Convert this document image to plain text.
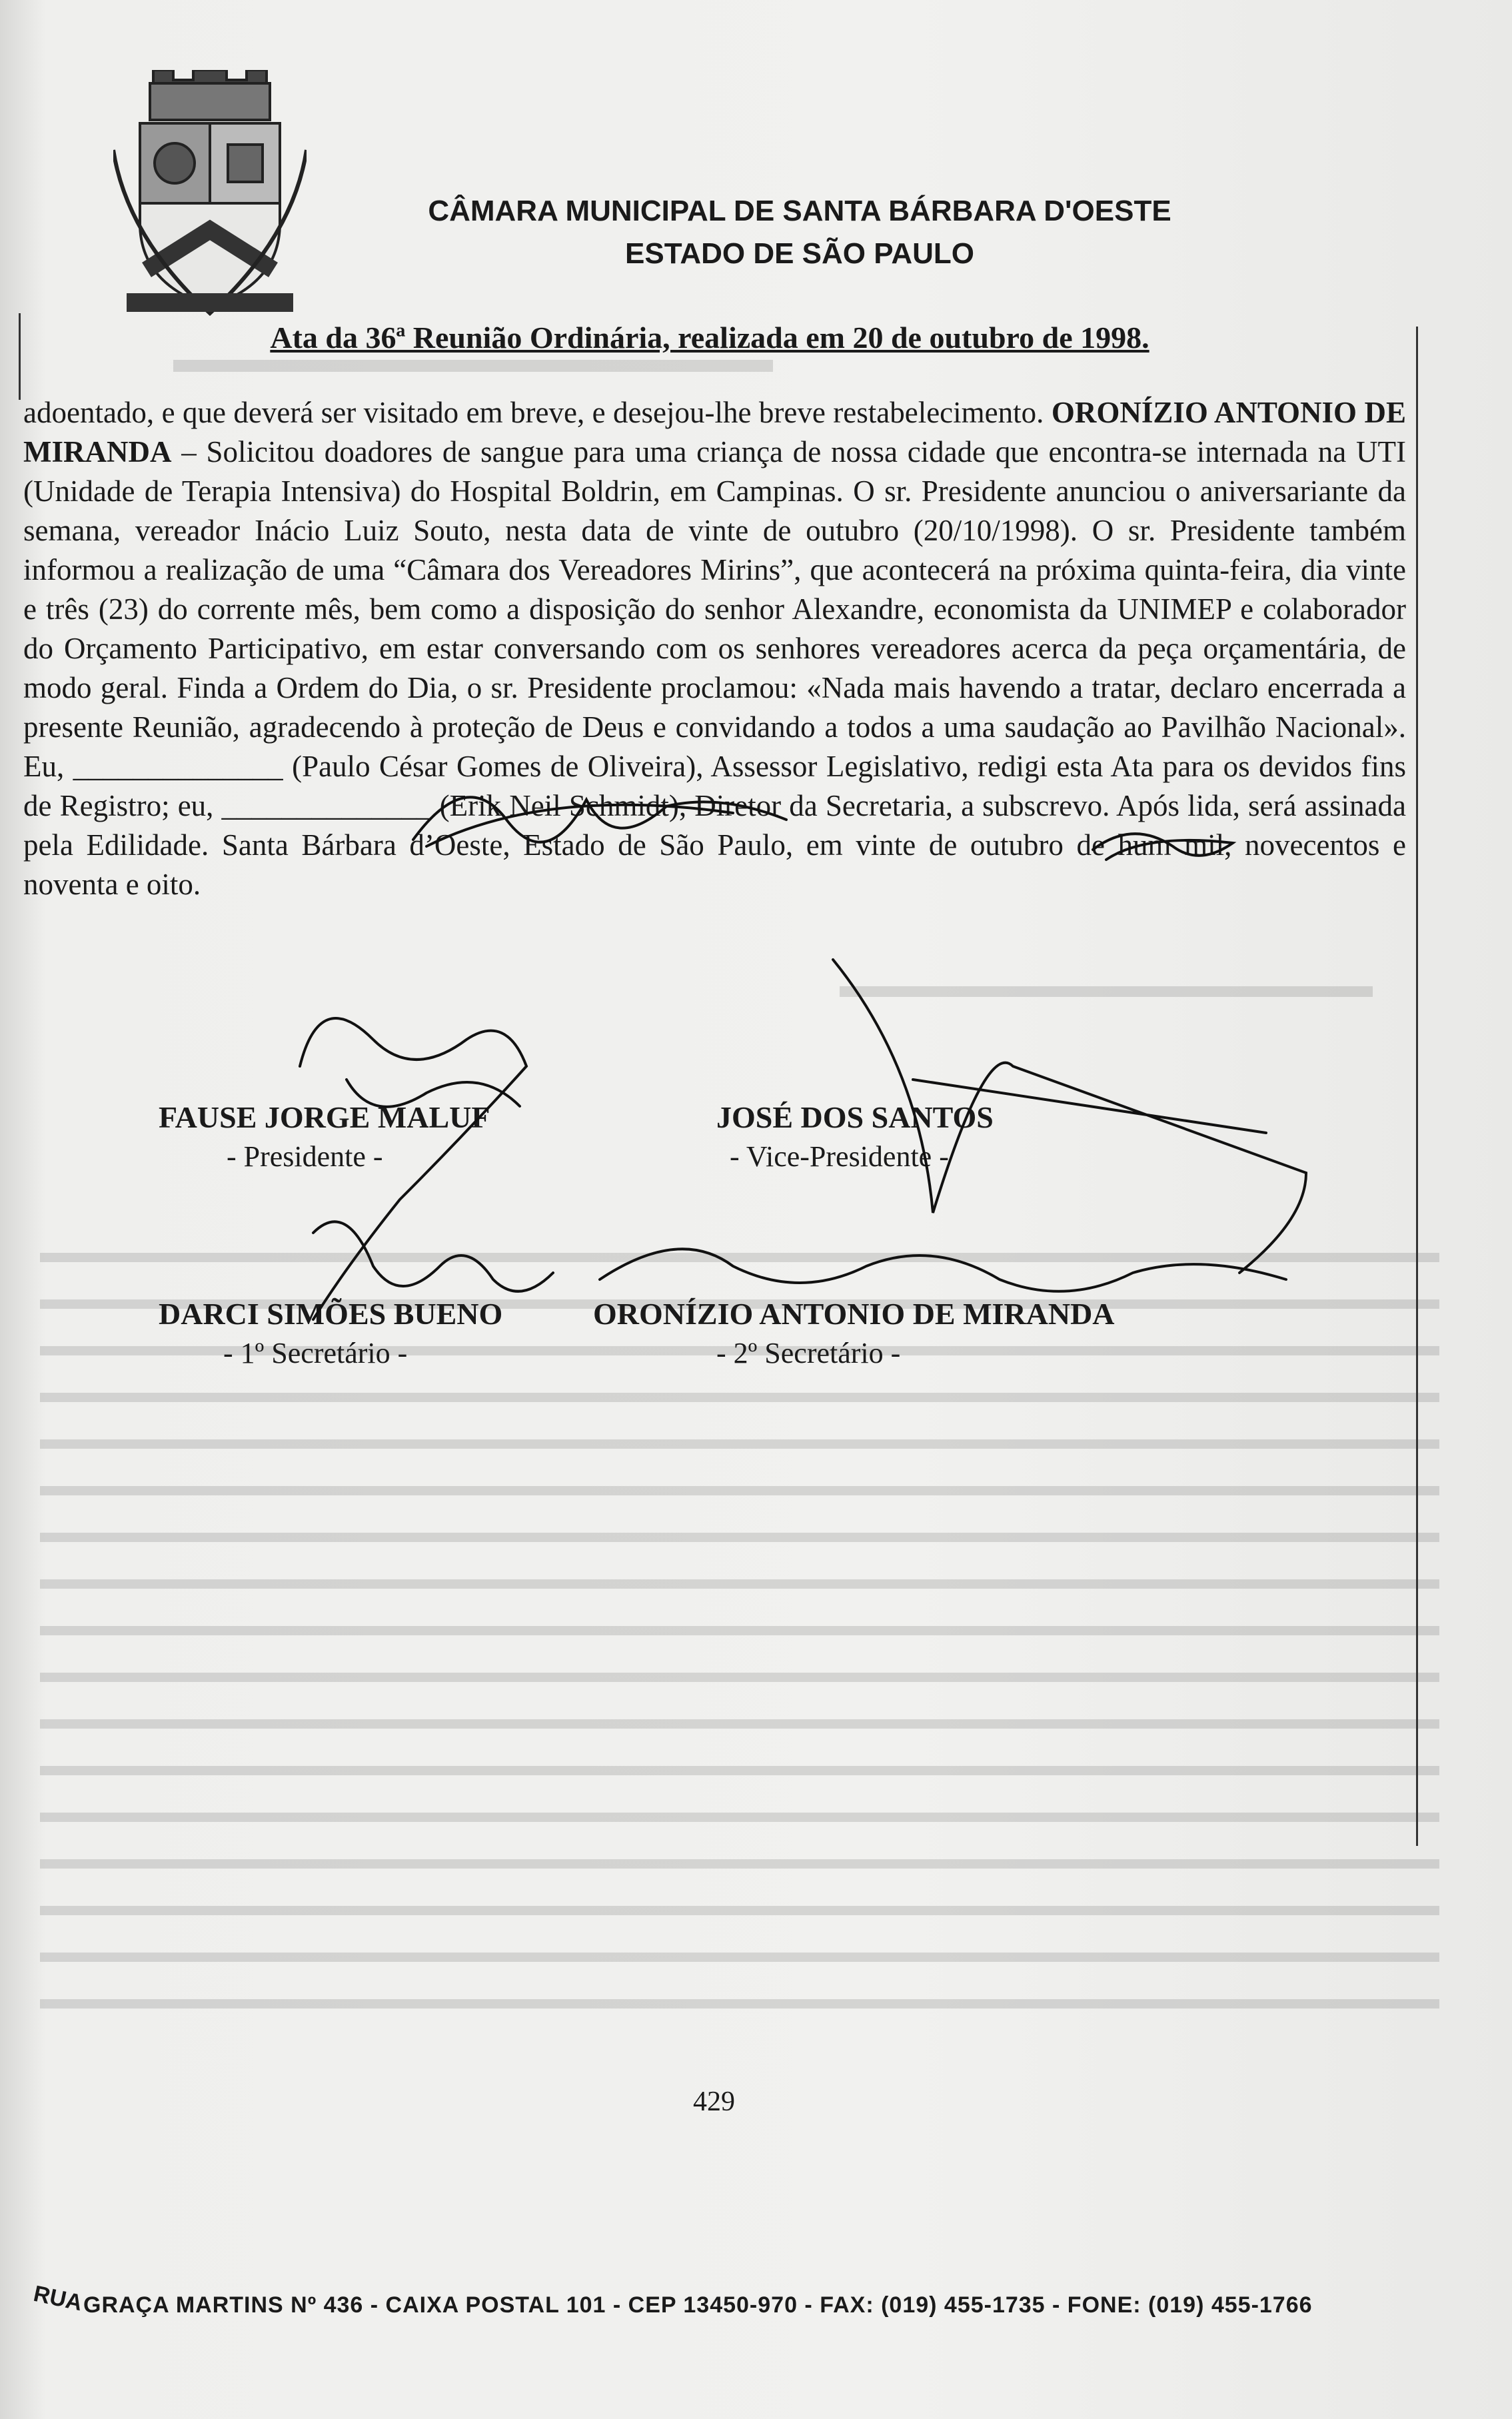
CÂMARA MUNICIPAL DE SANTA BÁRBARA D'OESTE
ESTADO DE SÃO PAULO
Ata da 36ª Reunião Ordinária, realizada em 20 de outubro de 1998.

adoentado, e que deverá ser visitado em breve, e desejou-lhe breve restabelecimento. ORONÍZIO ANTONIO DE MIRANDA – Solicitou doadores de sangue para uma criança de nossa cidade que encontra-se internada na UTI (Unidade de Terapia Intensiva) do Hospital Boldrin, em Campinas. O sr. Presidente anunciou o aniversariante da semana, vereador Inácio Luiz Souto, nesta data de vinte de outubro (20/10/1998). O sr. Presidente também informou a realização de uma “Câmara dos Vereadores Mirins”, que acontecerá na próxima quinta-feira, dia vinte e três (23) do corrente mês, bem como a disposição do senhor Alexandre, economista da UNIMEP e colaborador do Orçamento Participativo, em estar conversando com os senhores vereadores acerca da peça orçamentária, de modo geral. Finda a Ordem do Dia, o sr. Presidente proclamou: «Nada mais havendo a tratar, declaro encerrada a presente Reunião, agradecendo à proteção de Deus e convidando a todos a uma saudação ao Pavilhão Nacional». Eu, ______________ (Paulo César Gomes de Oliveira), Assessor Legislativo, redigi esta Ata para os devidos fins de Registro; eu, ______________ (Erik Neil Schmidt), Diretor da Secretaria, a subscrevo. Após lida, será assinada pela Edilidade. Santa Bárbara d’Oeste, Estado de São Paulo, em vinte de outubro de hum mil, novecentos e noventa e oito.

FAUSE JORGE MALUF
- Presidente -
JOSÉ DOS SANTOS
- Vice-Presidente -
DARCI SIMÕES BUENO
- 1º Secretário -
ORONÍZIO ANTONIO DE MIRANDA
- 2º Secretário -
429
RUA
GRAÇA MARTINS Nº 436 - CAIXA POSTAL 101 - CEP 13450-970 - FAX: (019) 455-1735 - FONE: (019) 455-1766
